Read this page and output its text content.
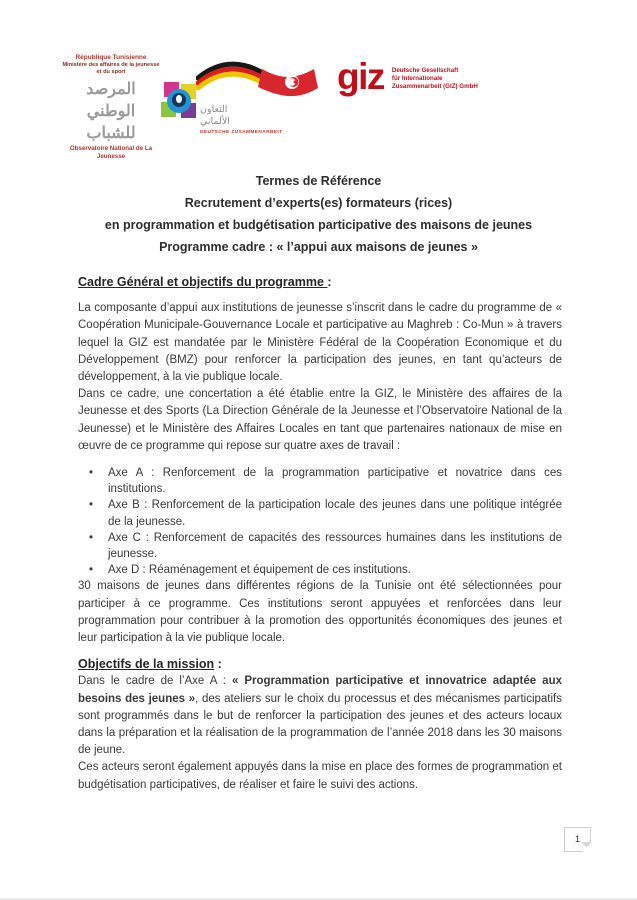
République Tunisienne
Ministère des affaires de la jeunesse et du sport
المرصد الوطني للشباب
Observatoire National de La Jeunesse
التعاون
الألماني
DEUTSCHE ZUSAMMENARBEIT
giz Deutsche Gesellschaft
für Internationale
Zusammenarbeit (GIZ) GmbH
Termes de Référence
Recrutement d’experts(es) formateurs (rices)
en programmation et budgétisation participative des maisons de jeunes
Programme cadre : « l’appui aux maisons de jeunes »
Cadre Général et objectifs du programme :

La composante d’appui aux institutions de jeunesse s’inscrit dans le cadre du programme de « Coopération Municipale-Gouvernance Locale et participative au Maghreb : Co-Mun » à travers lequel la GIZ est mandatée par le Ministère Fédéral de la Coopération Economique et du Développement (BMZ) pour renforcer la participation des jeunes, en tant qu’acteurs de développement, à la vie publique locale.

Dans ce cadre, une concertation a été établie entre la GIZ, le Ministère des affaires de la Jeunesse et des Sports (La Direction Générale de la Jeunesse et l’Observatoire National de la Jeunesse) et le Ministère des Affaires Locales en tant que partenaires nationaux de mise en œuvre de ce programme qui repose sur quatre axes de travail :

• Axe A : Renforcement de la programmation participative et novatrice dans ces institutions.
• Axe B : Renforcement de la participation locale des jeunes dans une politique intégrée de la jeunesse.
• Axe C : Renforcement de capacités des ressources humaines dans les institutions de jeunesse.
• Axe D : Réaménagement et équipement de ces institutions.

30 maisons de jeunes dans différentes régions de la Tunisie ont été sélectionnées pour participer à ce programme. Ces institutions seront appuyées et renforcées dans leur programmation pour contribuer à la promotion des opportunités économiques des jeunes et leur participation à la vie publique locale.

Objectifs de la mission :

Dans le cadre de l’Axe A : « Programmation participative et innovatrice adaptée aux besoins des jeunes », des ateliers sur le choix du processus et des mécanismes participatifs sont programmés dans le but de renforcer la participation des jeunes et des acteurs locaux dans la préparation et la réalisation de la programmation de l’année 2018 dans les 30 maisons de jeune.

Ces acteurs seront également appuyés dans la mise en place des formes de programmation et budgétisation participatives, de réaliser et faire le suivi des actions.

1
